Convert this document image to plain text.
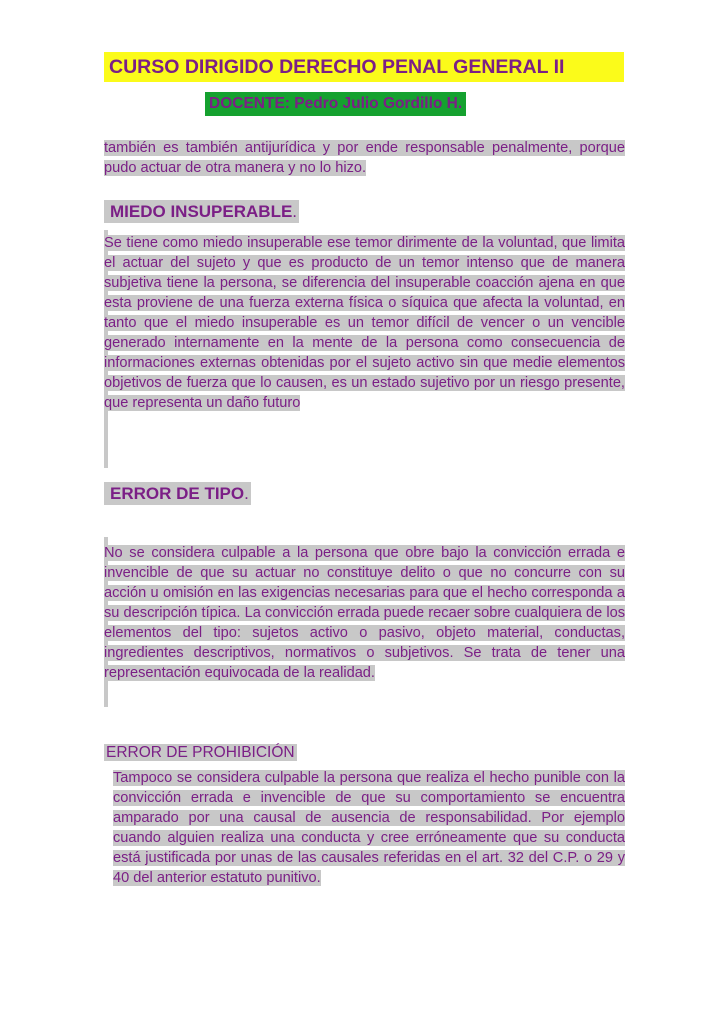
CURSO DIRIGIDO DERECHO PENAL GENERAL II
DOCENTE: Pedro Julio Gordillo H.
también es también antijurídica y por ende responsable penalmente, porque pudo actuar de otra manera y no lo hizo.
MIEDO INSUPERABLE.
Se tiene como miedo insuperable ese temor dirimente de la voluntad, que limita el actuar del sujeto y que es producto de un temor intenso que de manera subjetiva tiene la persona, se diferencia del insuperable coacción ajena en que esta proviene de una fuerza externa física o síquica que afecta la voluntad, en tanto que el miedo insuperable es un temor difícil de vencer o un vencible generado internamente en la mente de la persona como consecuencia de informaciones externas obtenidas por el sujeto activo sin que medie elementos objetivos de fuerza que lo causen, es un estado sujetivo por un riesgo presente, que representa un daño futuro
ERROR DE TIPO.
No se considera culpable a la persona que obre bajo la convicción errada e invencible de que su actuar no constituye delito o que no concurre con su acción u omisión en las exigencias necesarias para que el hecho corresponda a su descripción típica. La convicción errada puede recaer sobre cualquiera de los elementos del tipo: sujetos activo o pasivo, objeto material, conductas, ingredientes descriptivos, normativos o subjetivos. Se trata de tener una representación equivocada de la realidad.
ERROR DE PROHIBICIÓN
Tampoco se considera culpable la persona que realiza el hecho punible con la convicción errada e invencible de que su comportamiento se encuentra amparado por una causal de ausencia de responsabilidad. Por ejemplo cuando alguien realiza una conducta y cree erróneamente que su conducta está justificada por unas de las causales referidas en el art. 32 del C.P. o 29 y 40 del anterior estatuto punitivo.
